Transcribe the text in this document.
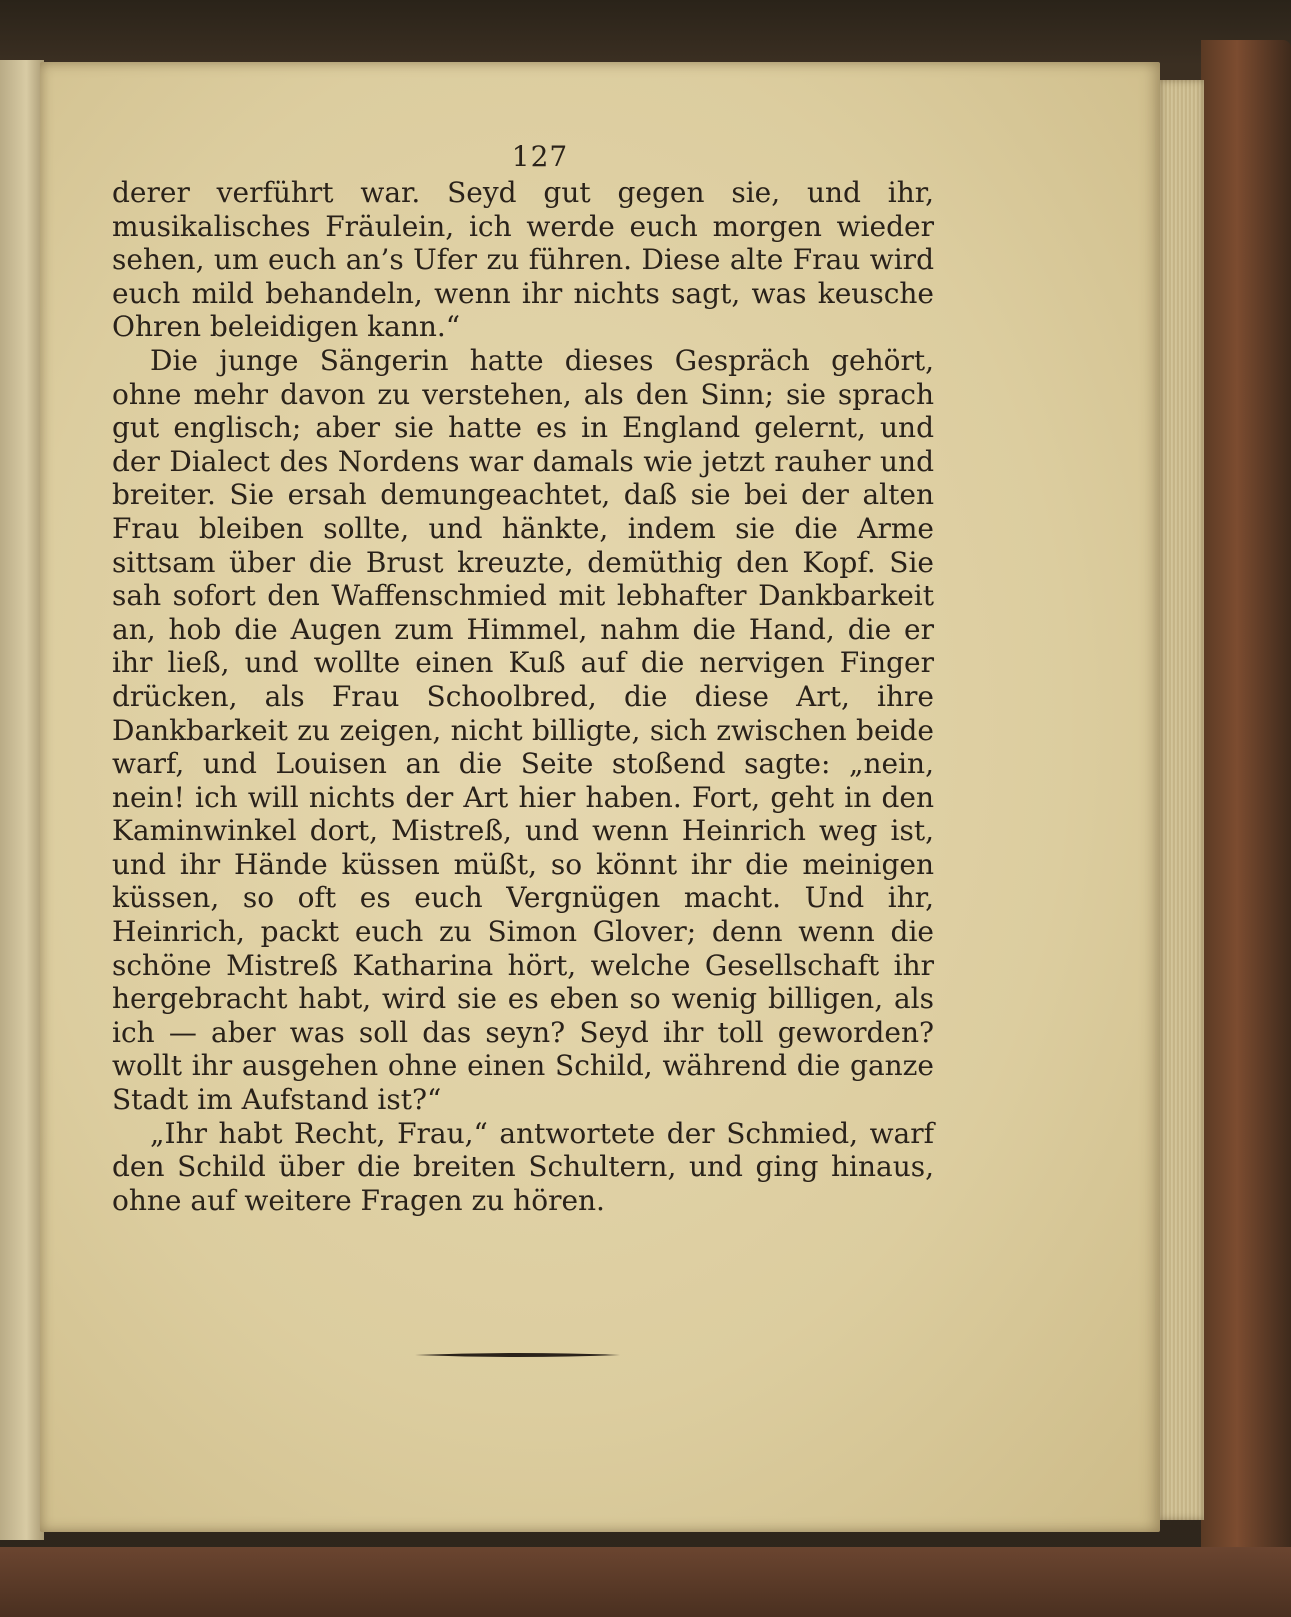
127

derer verführt war. Seyd gut gegen sie, und ihr, musikalisches Fräulein, ich werde euch morgen wieder sehen, um euch an’s Ufer zu führen. Diese alte Frau wird euch mild behandeln, wenn ihr nichts sagt, was keusche Ohren beleidigen kann.“

Die junge Sängerin hatte dieses Gespräch gehört, ohne mehr davon zu verstehen, als den Sinn; sie sprach gut englisch; aber sie hatte es in England gelernt, und der Dialect des Nordens war damals wie jetzt rauher und breiter. Sie ersah demungeachtet, daß sie bei der alten Frau bleiben sollte, und hänkte, indem sie die Arme sittsam über die Brust kreuzte, demüthig den Kopf. Sie sah sofort den Waffenschmied mit lebhafter Dankbarkeit an, hob die Augen zum Himmel, nahm die Hand, die er ihr ließ, und wollte einen Kuß auf die nervigen Finger drücken, als Frau Schoolbred, die diese Art, ihre Dankbarkeit zu zeigen, nicht billigte, sich zwischen beide warf, und Louisen an die Seite stoßend sagte: „nein, nein! ich will nichts der Art hier haben. Fort, geht in den Kaminwinkel dort, Mistreß, und wenn Heinrich weg ist, und ihr Hände küssen müßt, so könnt ihr die meinigen küssen, so oft es euch Vergnügen macht. Und ihr, Heinrich, packt euch zu Simon Glover; denn wenn die schöne Mistreß Katharina hört, welche Gesellschaft ihr hergebracht habt, wird sie es eben so wenig billigen, als ich — aber was soll das seyn? Seyd ihr toll geworden? wollt ihr ausgehen ohne einen Schild, während die ganze Stadt im Aufstand ist?“

„Ihr habt Recht, Frau,“ antwortete der Schmied, warf den Schild über die breiten Schultern, und ging hinaus, ohne auf weitere Fragen zu hören.
